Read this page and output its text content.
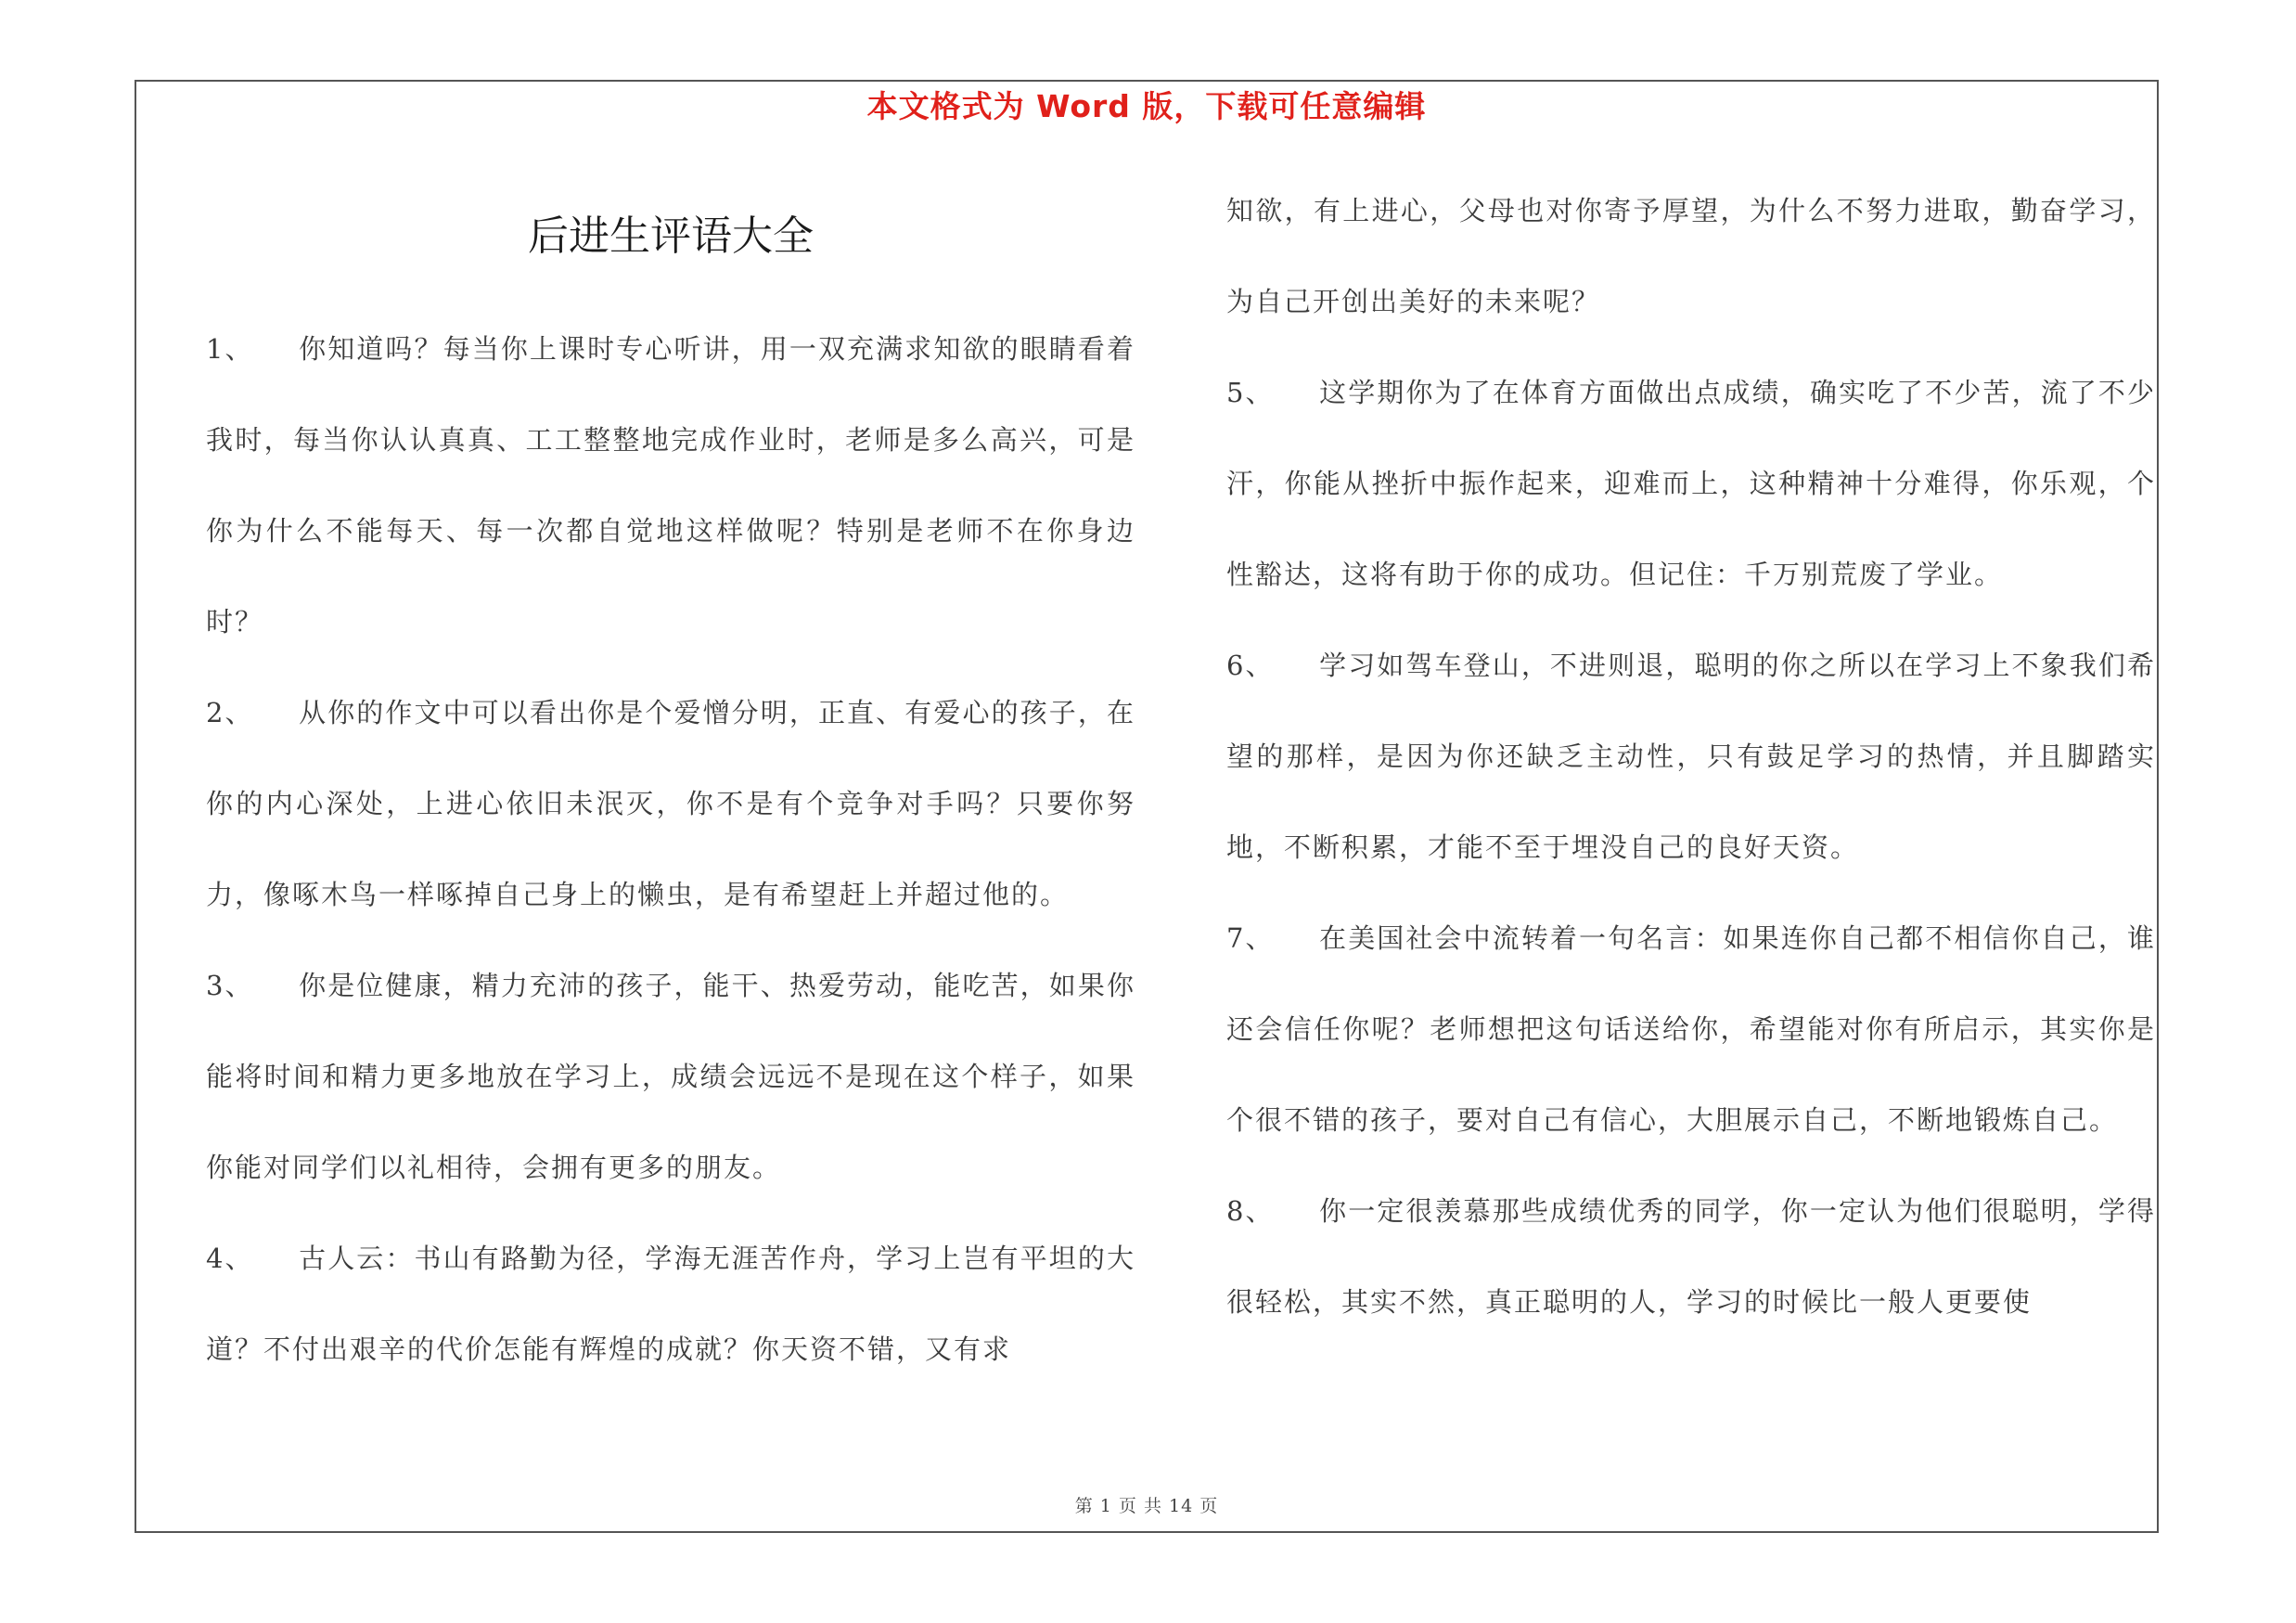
本文格式为 Word 版，下载可任意编辑
后进生评语大全

1、 你知道吗？每当你上课时专心听讲，用一双充满求知欲的眼睛看着我时，每当你认认真真、工工整整地完成作业时，老师是多么高兴，可是你为什么不能每天、每一次都自觉地这样做呢？特别是老师不在你身边时？

2、 从你的作文中可以看出你是个爱憎分明，正直、有爱心的孩子，在你的内心深处，上进心依旧未泯灭，你不是有个竞争对手吗？只要你努力，像啄木鸟一样啄掉自己身上的懒虫，是有希望赶上并超过他的。

3、 你是位健康，精力充沛的孩子，能干、热爱劳动，能吃苦，如果你能将时间和精力更多地放在学习上，成绩会远远不是现在这个样子，如果你能对同学们以礼相待，会拥有更多的朋友。

4、 古人云：书山有路勤为径，学海无涯苦作舟，学习上岂有平坦的大道？不付出艰辛的代价怎能有辉煌的成就？你天资不错，又有求

知欲，有上进心，父母也对你寄予厚望，为什么不努力进取，勤奋学习，为自己开创出美好的未来呢？

5、 这学期你为了在体育方面做出点成绩，确实吃了不少苦，流了不少汗，你能从挫折中振作起来，迎难而上，这种精神十分难得，你乐观，个性豁达，这将有助于你的成功。但记住：千万别荒废了学业。

6、 学习如驾车登山，不进则退，聪明的你之所以在学习上不象我们希望的那样，是因为你还缺乏主动性，只有鼓足学习的热情，并且脚踏实地，不断积累，才能不至于埋没自己的良好天资。

7、 在美国社会中流转着一句名言：如果连你自己都不相信你自己，谁还会信任你呢？老师想把这句话送给你，希望能对你有所启示，其实你是个很不错的孩子，要对自己有信心，大胆展示自己，不断地锻炼自己。

8、 你一定很羡慕那些成绩优秀的同学，你一定认为他们很聪明，学得很轻松，其实不然，真正聪明的人，学习的时候比一般人更要使

第 1 页 共 14 页
